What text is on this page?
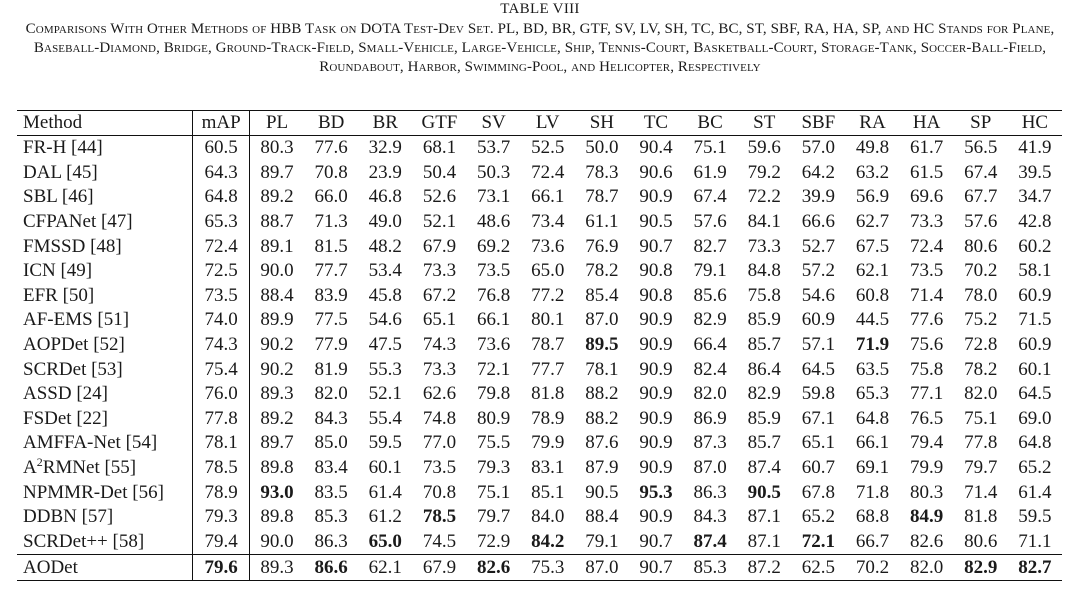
TABLE VIII
Comparisons With Other Methods of HBB Task on DOTA Test-Dev Set. PL, BD, BR, GTF, SV, LV, SH, TC, BC, ST, SBF, RA, HA, SP, and HC Stands for Plane, Baseball-Diamond, Bridge, Ground-Track-Field, Small-Vehicle, Large-Vehicle, Ship, Tennis-Court, Basketball-Court, Storage-Tank, Soccer-Ball-Field, Roundabout, Harbor, Swimming-Pool, and Helicopter, Respectively
Method	mAP	PL	BD	BR	GTF	SV	LV	SH	TC	BC	ST	SBF	RA	HA	SP	HC
FR-H [44]	60.5	80.3	77.6	32.9	68.1	53.7	52.5	50.0	90.4	75.1	59.6	57.0	49.8	61.7	56.5	41.9
DAL [45]	64.3	89.7	70.8	23.9	50.4	50.3	72.4	78.3	90.6	61.9	79.2	64.2	63.2	61.5	67.4	39.5
SBL [46]	64.8	89.2	66.0	46.8	52.6	73.1	66.1	78.7	90.9	67.4	72.2	39.9	56.9	69.6	67.7	34.7
CFPANet [47]	65.3	88.7	71.3	49.0	52.1	48.6	73.4	61.1	90.5	57.6	84.1	66.6	62.7	73.3	57.6	42.8
FMSSD [48]	72.4	89.1	81.5	48.2	67.9	69.2	73.6	76.9	90.7	82.7	73.3	52.7	67.5	72.4	80.6	60.2
ICN [49]	72.5	90.0	77.7	53.4	73.3	73.5	65.0	78.2	90.8	79.1	84.8	57.2	62.1	73.5	70.2	58.1
EFR [50]	73.5	88.4	83.9	45.8	67.2	76.8	77.2	85.4	90.8	85.6	75.8	54.6	60.8	71.4	78.0	60.9
AF-EMS [51]	74.0	89.9	77.5	54.6	65.1	66.1	80.1	87.0	90.9	82.9	85.9	60.9	44.5	77.6	75.2	71.5
AOPDet [52]	74.3	90.2	77.9	47.5	74.3	73.6	78.7	89.5	90.9	66.4	85.7	57.1	71.9	75.6	72.8	60.9
SCRDet [53]	75.4	90.2	81.9	55.3	73.3	72.1	77.7	78.1	90.9	82.4	86.4	64.5	63.5	75.8	78.2	60.1
ASSD [24]	76.0	89.3	82.0	52.1	62.6	79.8	81.8	88.2	90.9	82.0	82.9	59.8	65.3	77.1	82.0	64.5
FSDet [22]	77.8	89.2	84.3	55.4	74.8	80.9	78.9	88.2	90.9	86.9	85.9	67.1	64.8	76.5	75.1	69.0
AMFFA-Net [54]	78.1	89.7	85.0	59.5	77.0	75.5	79.9	87.6	90.9	87.3	85.7	65.1	66.1	79.4	77.8	64.8
$A^2RMNet$ [55]	78.5	89.8	83.4	60.1	73.5	79.3	83.1	87.9	90.9	87.0	87.4	60.7	69.1	79.9	79.7	65.2
NPMMR-Det [56]	78.9	93.0	83.5	61.4	70.8	75.1	85.1	90.5	95.3	86.3	90.5	67.8	71.8	80.3	71.4	61.4
DDBN [57]	79.3	89.8	85.3	61.2	78.5	79.7	84.0	88.4	90.9	84.3	87.1	65.2	68.8	84.9	81.8	59.5
SCRDet++ [58]	79.4	90.0	86.3	65.0	74.5	72.9	84.2	79.1	90.7	87.4	87.1	72.1	66.7	82.6	80.6	71.1
AODet	79.6	89.3	86.6	62.1	67.9	82.6	75.3	87.0	90.7	85.3	87.2	62.5	70.2	82.0	82.9	82.7
